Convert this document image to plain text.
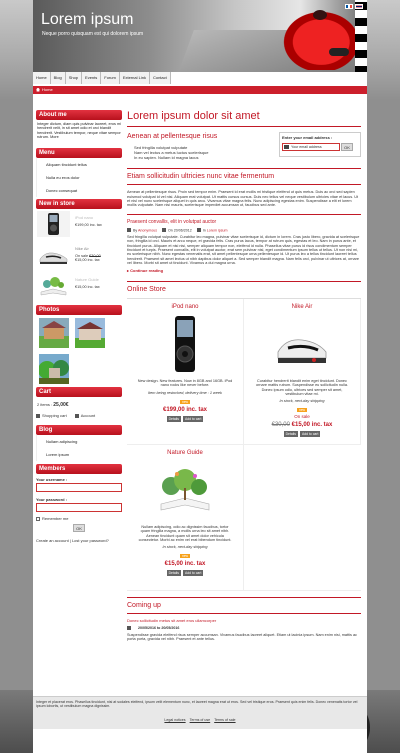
Lorem ipsum
Neque porro quisquam est qui dolorem ipsum
Home	Blog	Shop	Events	Forum	External Link	Contact
Home
About me
Integer dictum, diam quis pulvinar laoreet, eros mi hendrerit velit, in sit amet odio et orci blandit hendrerit. Vestibulum tempor, neque vitae sempor rutrum. More
Menu
Aliquam tincidunt tellus
Nulla eu eros dolor
Donec consequat
New in store
iPod nano
€199,00 inc. tax
Nike Air
On sale €30,00
€15,00 inc. tax
Nature Guide
€15,00 inc. tax
Photos
Cart
2 items : 25,00€
Shopping cart	Account
Blog
Nullam adipiscing
Lorem ipsum
Members
Your username :
Your password :
Remember me
OK
Create an account | Lost your password?
Lorem ipsum dolor sit amet
Aenean at pellentesque risus
Sed fringilla volutpat vulputate
Nam vel lectus a metus luctus scelerisque
In eu sapien. Nullam id magna lacus
Enter your email address :
Your email address	OK
Etiam sollicitudin ultricies nunc vitae fermentum
Aenean at pellentesque risus. Proin sed tempor enim. Praesent id erat mollis mi tristique eleifend ut quis metus. Duis ac orci sed sapien euismod volutpat id vel nisi. Aliquam erat volutpat. Ut mattis cursus cursus. Duis nec tellus vel neque vestibulum ultricies vitae et lacus. Ut et nisl vel nunc scelerisque aliquet in quis arcu. Vivamus vitae magna felis. Nunc adipiscing egestas enim. Suspendisse a elit et lorem mollis vulputate. Nam nisi mauris, scelerisque imperdiet accumsan ut, faucibus sed ante.
Praesent convallis, elit in volutpat auctor
By Anonymous	On 20/06/2012	In Lorem ipsum
Sed fringilla volutpat vulputate. Curabitur leo magna, pulvinar vitae scelerisque id, dictum in lorem. Cras justo libero, gravida at scelerisque non, fringilla id orci. Mauris et arcu neque, et gravida felis. Cras purus lacus, tempor at rutrum quis, egestas et leo. Nam in purus ante, et tincidunt purus. Aliquam et nisi nisi, semper aliquam tempor non, eleifend id nulla. Phasellus vitae purus id risus condimentum semper tincidunt et turpis. Praesent convallis, elit in volutpat auctor, erat sem pulvinar nisl, eget condimentum ipsum tellus ut tellus. Ut non nisi mi, eu scelerisque nibh. Nunc egestas venenatis erat, sit amet pellentesque urna pellentesque id. Ut purus leo a tellus tincidunt laoreet tellus hendrerit. Praesent sit amet lectus ut nibh dapibus dolor aliquet a. Sed semper blandit magna. Nam felis orci, pulvinar ut ultrices at, ornare vel libero. Morbi sit amet ut tincidunt. Vivamus a dui magna urna.
▸ Continue reading
Online Store
iPod nano
New design. New features. Now in 8GB and 16GB. iPod nano rocks like never before.
Item being restocked, delivery time : 1 week
new
€199,00 inc. tax
Details	Add to cart
Nike Air
Curabitur hendrerit blandit enim eget tincidunt. Donec ornare mattis rutrum. Suspendisse eu sollicitudin nulla. Donec ipsum odio, ultrices sed semper sit amet, vestibulum vitae mi.
In stock, next-day shipping
new
On sale
€30,00 €15,00 inc. tax
Details	Add to cart
Nature Guide
Nullam adipiscing, odio ac dignissim faucibus, tortor quam fringilla magna, a mollis urna leo sit amet nibh. Aenean tincidunt quam sit amet dolor vehicula consectetur. Morbi ac enim vel erat bibendum tincidunt.
In stock, next-day shipping
new
€15,00 inc. tax
Details	Add to cart
Coming up
Donec sollicitudin metus sit amet eros ullamcorper
20/05/2016 to 20/05/2016
Suspendisse gravida eleifend risus semper accumsan. Vivamus faucibus laoreet aliquet. Etiam ut lacinia ipsum. Nam enim nisi, mattis ac porta porta, gravida vel nibh. Praesent et ante tellus.
Integer et placerat eros. Phasellus tincidunt, nisi at sodales eleifend, ipsum velit elementum nunc, et laoreet magna erat ut eros. Sed vel tristique eros. Praesent quis enim felis. Donec venenatis tortor vel ipsum lobortis, ut vestibulum magna dignissim.
Legal notices Terms of use Terms of sale
